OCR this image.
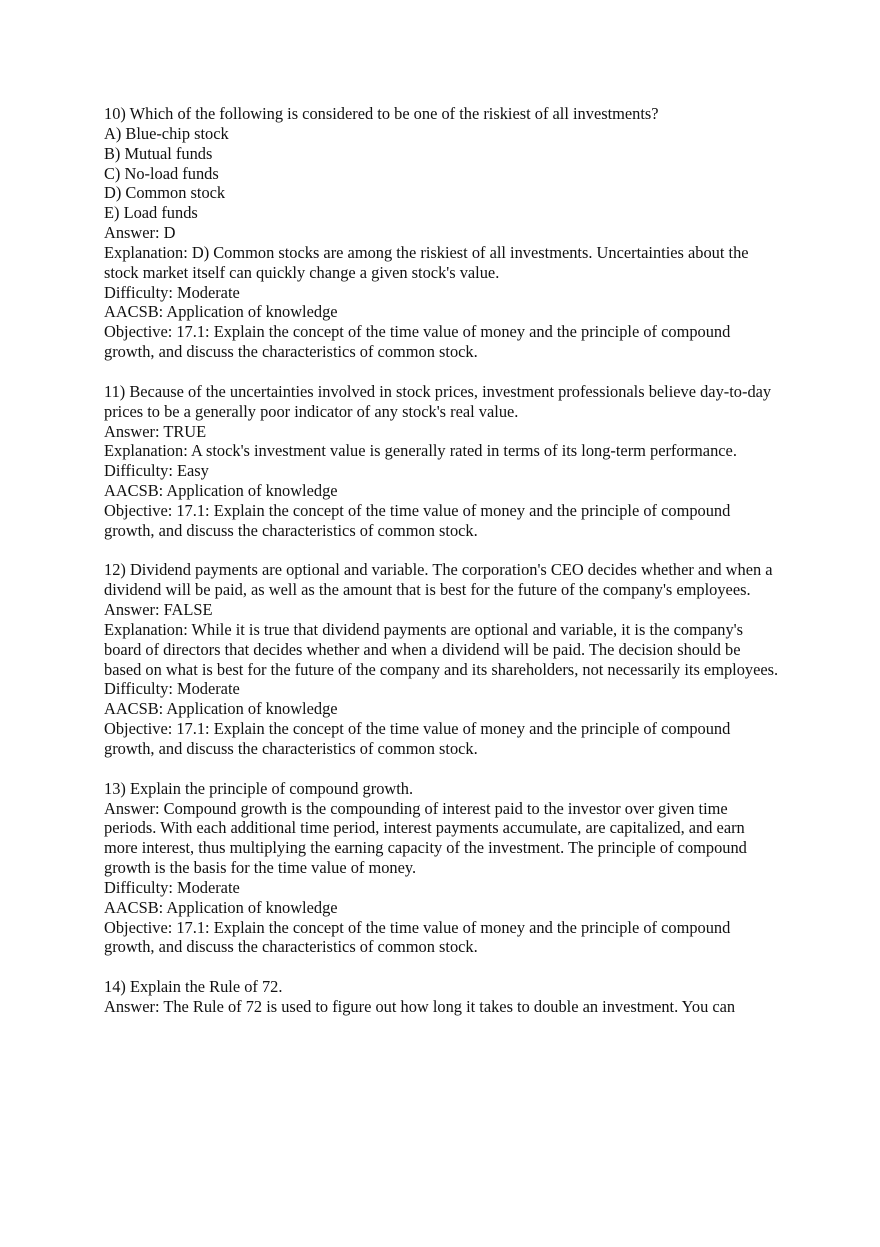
10) Which of the following is considered to be one of the riskiest of all investments?

A) Blue-chip stock

B) Mutual funds

C) No-load funds

D) Common stock

E) Load funds

Answer: D

Explanation: D) Common stocks are among the riskiest of all investments. Uncertainties about the stock market itself can quickly change a given stock's value.

Difficulty: Moderate

AACSB: Application of knowledge

Objective: 17.1: Explain the concept of the time value of money and the principle of compound growth, and discuss the characteristics of common stock.

11) Because of the uncertainties involved in stock prices, investment professionals believe day-to-day prices to be a generally poor indicator of any stock's real value.

Answer: TRUE

Explanation: A stock's investment value is generally rated in terms of its long-term performance.

Difficulty: Easy

AACSB: Application of knowledge

Objective: 17.1: Explain the concept of the time value of money and the principle of compound growth, and discuss the characteristics of common stock.

12) Dividend payments are optional and variable. The corporation's CEO decides whether and when a dividend will be paid, as well as the amount that is best for the future of the company's employees.

Answer: FALSE

Explanation: While it is true that dividend payments are optional and variable, it is the company's board of directors that decides whether and when a dividend will be paid. The decision should be based on what is best for the future of the company and its shareholders, not necessarily its employees.

Difficulty: Moderate

AACSB: Application of knowledge

Objective: 17.1: Explain the concept of the time value of money and the principle of compound growth, and discuss the characteristics of common stock.

13) Explain the principle of compound growth.

Answer: Compound growth is the compounding of interest paid to the investor over given time periods. With each additional time period, interest payments accumulate, are capitalized, and earn more interest, thus multiplying the earning capacity of the investment. The principle of compound growth is the basis for the time value of money.

Difficulty: Moderate

AACSB: Application of knowledge

Objective: 17.1: Explain the concept of the time value of money and the principle of compound growth, and discuss the characteristics of common stock.

14) Explain the Rule of 72.

Answer: The Rule of 72 is used to figure out how long it takes to double an investment. You can
